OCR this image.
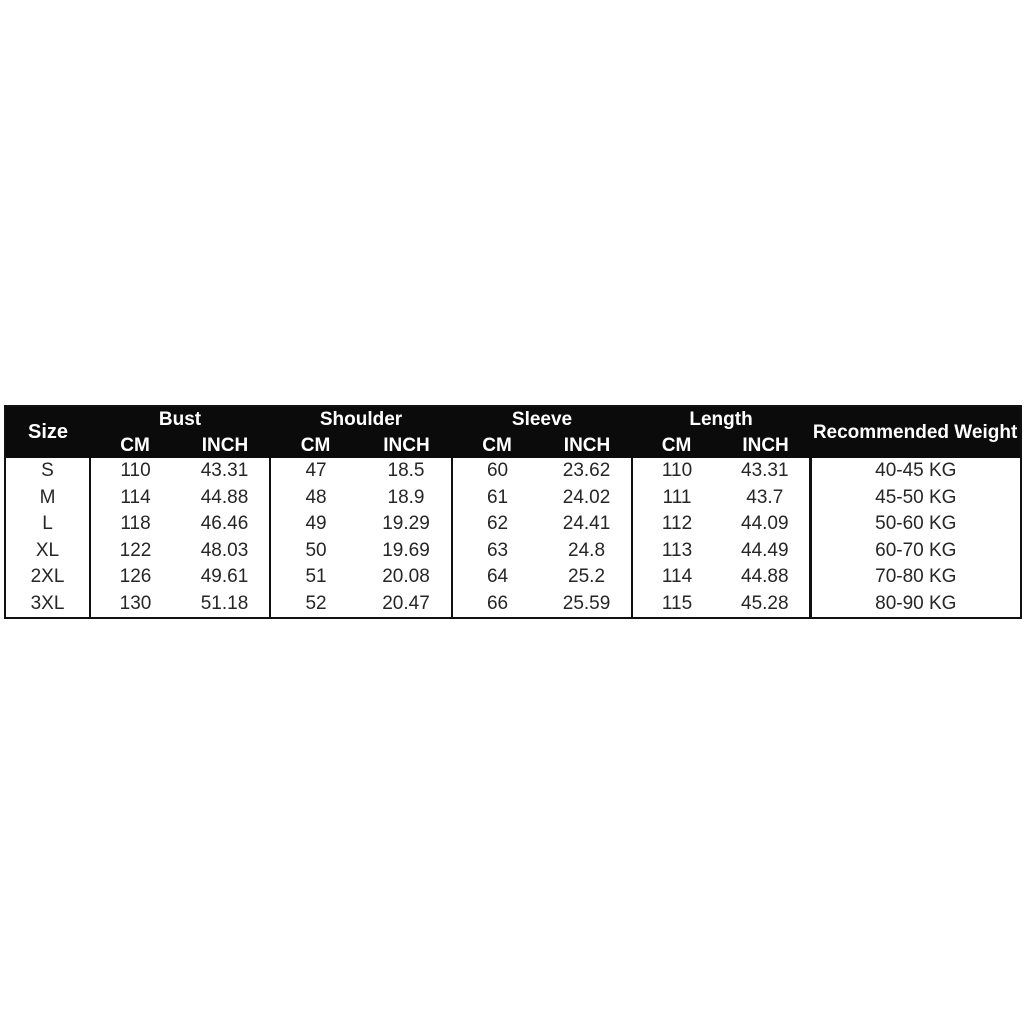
Size	Bust		Shoulder		Sleeve		Length		Recommended Weight
	CM	INCH	CM	INCH	CM	INCH	CM	INCH	
S	110	43.31	47	18.5	60	23.62	110	43.31	40-45 KG
M	114	44.88	48	18.9	61	24.02	111	43.7	45-50 KG
L	118	46.46	49	19.29	62	24.41	112	44.09	50-60 KG
XL	122	48.03	50	19.69	63	24.8	113	44.49	60-70 KG
2XL	126	49.61	51	20.08	64	25.2	114	44.88	70-80 KG
3XL	130	51.18	52	20.47	66	25.59	115	45.28	80-90 KG
